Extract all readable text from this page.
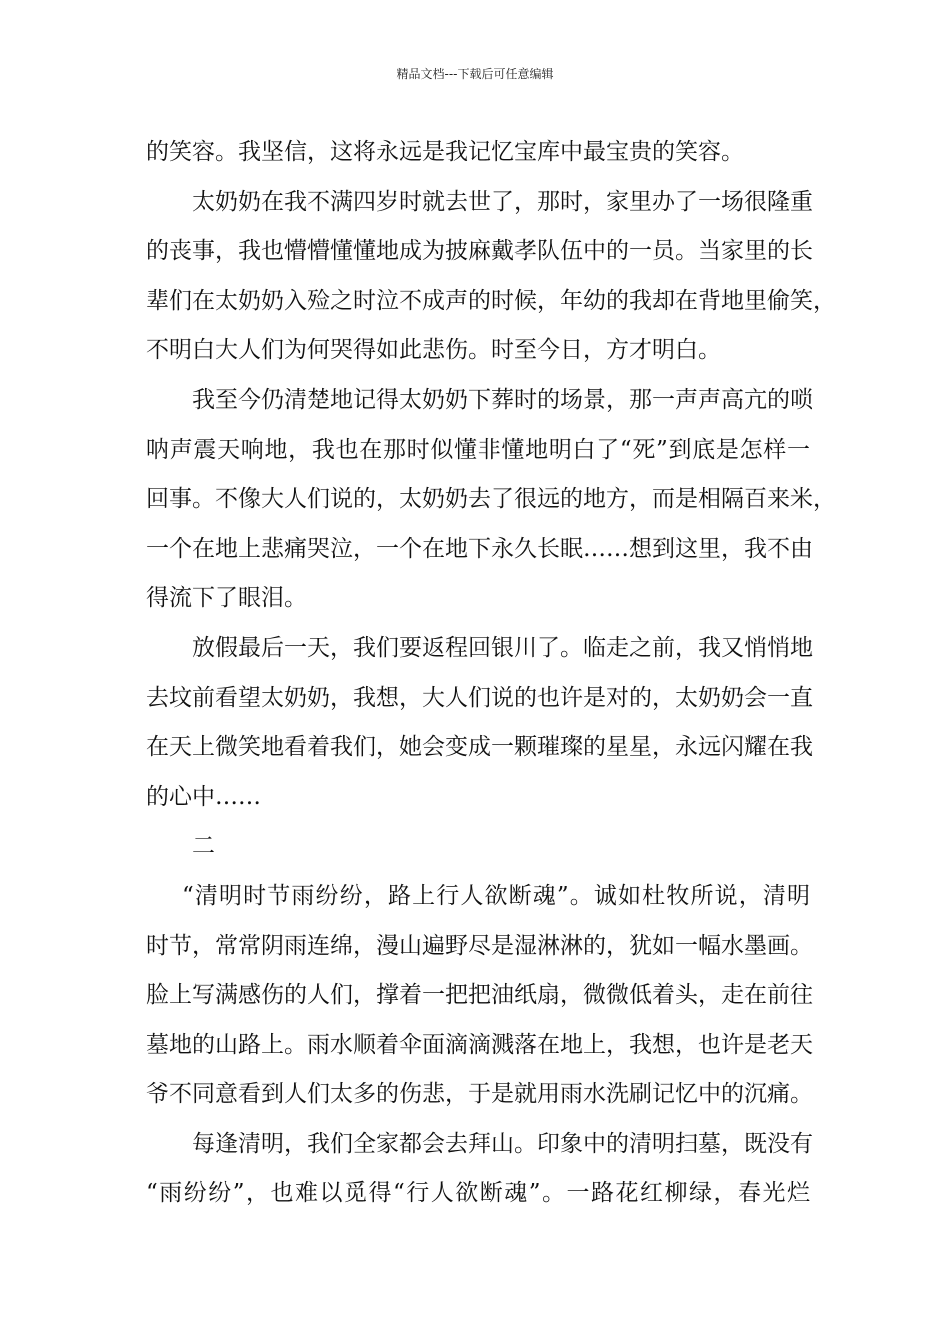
精品文档---下载后可任意编辑
的笑容。我坚信，这将永远是我记忆宝库中最宝贵的笑容。
太奶奶在我不满四岁时就去世了，那时，家里办了一场很隆重
的丧事，我也懵懵懂懂地成为披麻戴孝队伍中的一员。当家里的长
辈们在太奶奶入殓之时泣不成声的时候，年幼的我却在背地里偷笑，
不明白大人们为何哭得如此悲伤。时至今日，方才明白。
我至今仍清楚地记得太奶奶下葬时的场景，那一声声高亢的唢
呐声震天响地，我也在那时似懂非懂地明白了“死”到底是怎样一
回事。不像大人们说的，太奶奶去了很远的地方，而是相隔百来米，
一个在地上悲痛哭泣，一个在地下永久长眠……想到这里，我不由
得流下了眼泪。
放假最后一天，我们要返程回银川了。临走之前，我又悄悄地
去坟前看望太奶奶，我想，大人们说的也许是对的，太奶奶会一直
在天上微笑地看着我们，她会变成一颗璀璨的星星，永远闪耀在我
的心中……
二
“清明时节雨纷纷，路上行人欲断魂”。诚如杜牧所说，清明
时节，常常阴雨连绵，漫山遍野尽是湿淋淋的，犹如一幅水墨画。
脸上写满感伤的人们，撑着一把把油纸扇，微微低着头，走在前往
墓地的山路上。雨水顺着伞面滴滴溅落在地上，我想，也许是老天
爷不同意看到人们太多的伤悲，于是就用雨水洗刷记忆中的沉痛。
每逢清明，我们全家都会去拜山。印象中的清明扫墓，既没有
“雨纷纷”，也难以觅得“行人欲断魂”。一路花红柳绿，春光烂
